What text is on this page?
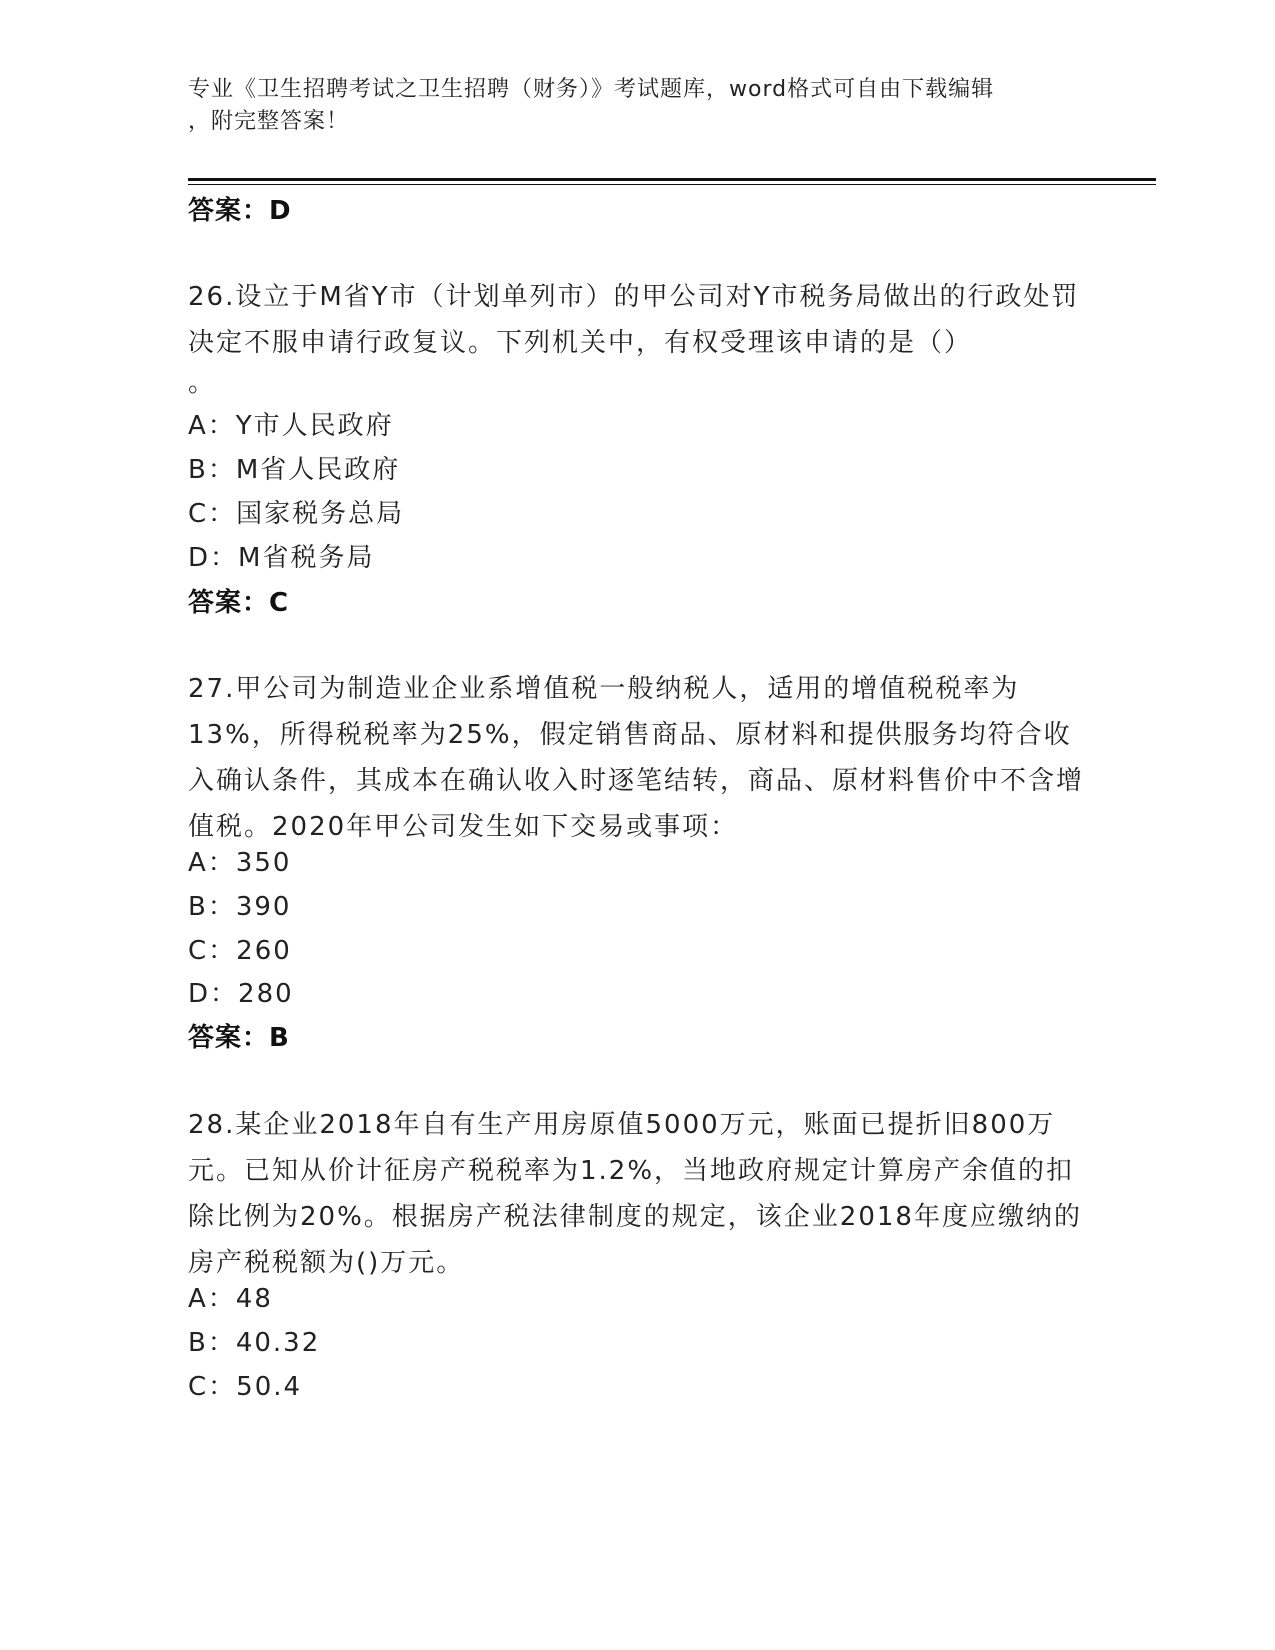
专业《卫生招聘考试之卫生招聘（财务）》考试题库，word格式可自由下载编辑
，附完整答案！
答案：D
26.设立于M省Y市（计划单列市）的甲公司对Y市税务局做出的行政处罚决定不服申请行政复议。下列机关中，有权受理该申请的是（）
。
A：Y市人民政府
B：M省人民政府
C：国家税务总局
D：M省税务局
答案：C
27.甲公司为制造业企业系增值税一般纳税人，适用的增值税税率为13%，所得税税率为25%，假定销售商品、原材料和提供服务均符合收入确认条件，其成本在确认收入时逐笔结转，商品、原材料售价中不含增值税。2020年甲公司发生如下交易或事项：
A：350
B：390
C：260
D：280
答案：B
28.某企业2018年自有生产用房原值5000万元，账面已提折旧800万元。已知从价计征房产税税率为1.2%，当地政府规定计算房产余值的扣除比例为20%。根据房产税法律制度的规定，该企业2018年度应缴纳的房产税税额为()万元。
A：48
B：40.32
C：50.4
